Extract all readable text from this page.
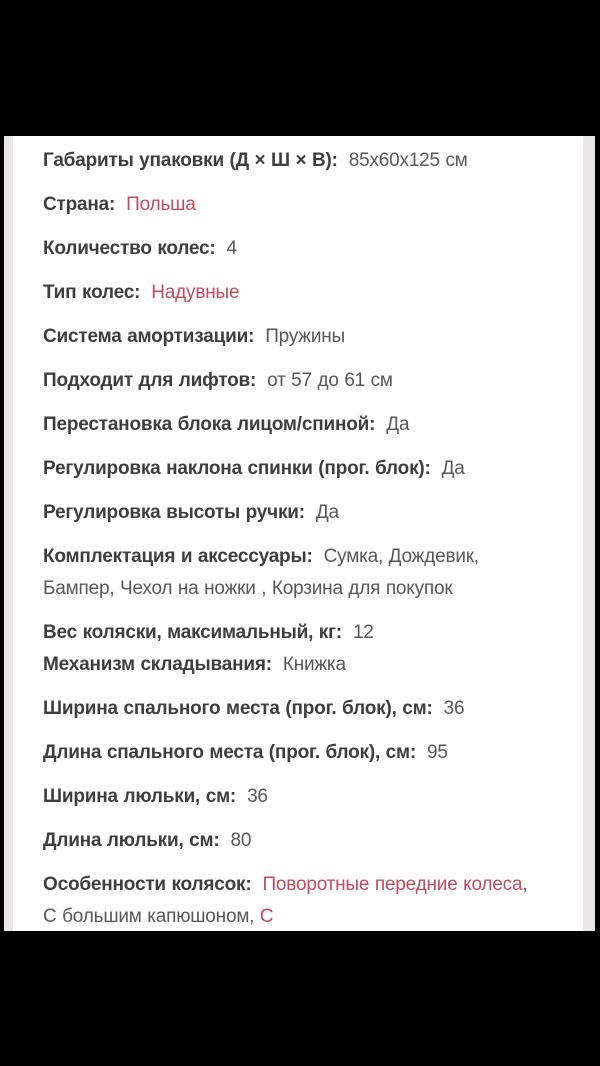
Габариты упаковки (Д × Ш × В): 85x60x125 см
Страна: Польша
Количество колес: 4
Тип колес: Надувные
Система амортизации: Пружины
Подходит для лифтов: от 57 до 61 см
Перестановка блока лицом/спиной: Да
Регулировка наклона спинки (прог. блок): Да
Регулировка высоты ручки: Да
Комплектация и аксессуары: Сумка, Дождевик, Бампер, Чехол на ножки , Корзина для покупок
Вес коляски, максимальный, кг: 12
Механизм складывания: Книжка
Ширина спального места (прог. блок), см: 36
Длина спального места (прог. блок), см: 95
Ширина люльки, см: 36
Длина люльки, см: 80
Особенности колясок: Поворотные передние колеса, С большим капюшоном, С
